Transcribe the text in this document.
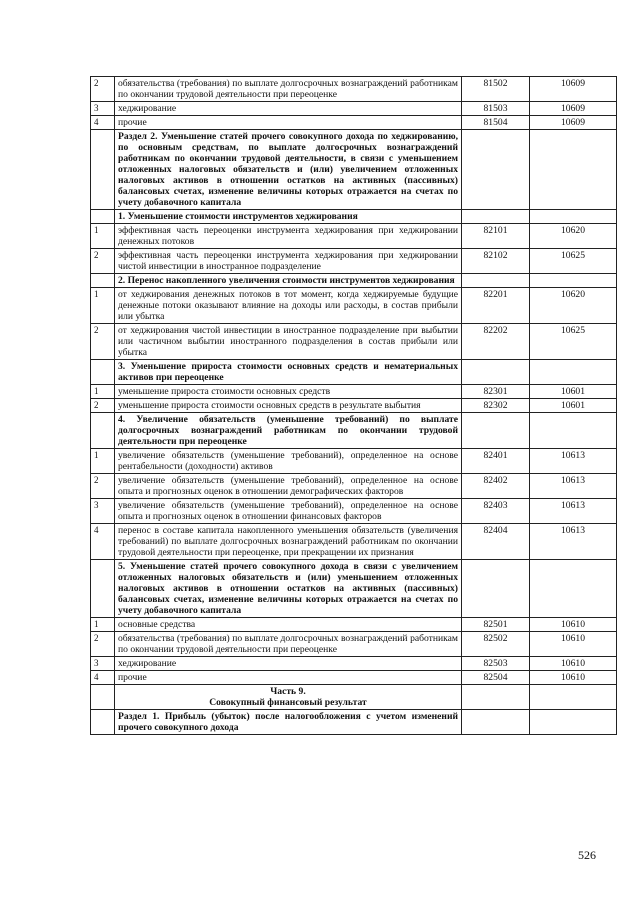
2	обязательства (требования) по выплате долгосрочных вознаграждений работникам по окончании трудовой деятельности при переоценке	81502	10609
3	хеджирование	81503	10609
4	прочие	81504	10609
	Раздел 2. Уменьшение статей прочего совокупного дохода по хеджированию, по основным средствам, по выплате долгосрочных вознаграждений работникам по окончании трудовой деятельности, в связи с уменьшением отложенных налоговых обязательств и (или) увеличением отложенных налоговых активов в отношении остатков на активных (пассивных) балансовых счетах, изменение величины которых отражается на счетах по учету добавочного капитала		
	1. Уменьшение стоимости инструментов хеджирования		
1	эффективная часть переоценки инструмента хеджирования при хеджировании денежных потоков	82101	10620
2	эффективная часть переоценки инструмента хеджирования при хеджировании чистой инвестиции в иностранное подразделение	82102	10625
	2. Перенос накопленного увеличения стоимости инструментов хеджирования		
1	от хеджирования денежных потоков в тот момент, когда хеджируемые будущие денежные потоки оказывают влияние на доходы или расходы, в состав прибыли или убытка	82201	10620
2	от хеджирования чистой инвестиции в иностранное подразделение при выбытии или частичном выбытии иностранного подразделения в состав прибыли или убытка	82202	10625
	3. Уменьшение прироста стоимости основных средств и нематериальных активов при переоценке		
1	уменьшение прироста стоимости основных средств	82301	10601
2	уменьшение прироста стоимости основных средств в результате выбытия	82302	10601
	4. Увеличение обязательств (уменьшение требований) по выплате долгосрочных вознаграждений работникам по окончании трудовой деятельности при переоценке		
1	увеличение обязательств (уменьшение требований), определенное на основе рентабельности (доходности) активов	82401	10613
2	увеличение обязательств (уменьшение требований), определенное на основе опыта и прогнозных оценок в отношении демографических факторов	82402	10613
3	увеличение обязательств (уменьшение требований), определенное на основе опыта и прогнозных оценок в отношении финансовых факторов	82403	10613
4	перенос в составе капитала накопленного уменьшения обязательств (увеличения требований) по выплате долгосрочных вознаграждений работникам по окончании трудовой деятельности при переоценке, при прекращении их признания	82404	10613
	5. Уменьшение статей прочего совокупного дохода в связи с увеличением отложенных налоговых обязательств и (или) уменьшением отложенных налоговых активов в отношении остатков на активных (пассивных) балансовых счетах, изменение величины которых отражается на счетах по учету добавочного капитала		
1	основные средства	82501	10610
2	обязательства (требования) по выплате долгосрочных вознаграждений работникам по окончании трудовой деятельности при переоценке	82502	10610
3	хеджирование	82503	10610
4	прочие	82504	10610
	Часть 9.
Совокупный финансовый результат		
	Раздел 1. Прибыль (убыток) после налогообложения с учетом изменений прочего совокупного дохода		
526
